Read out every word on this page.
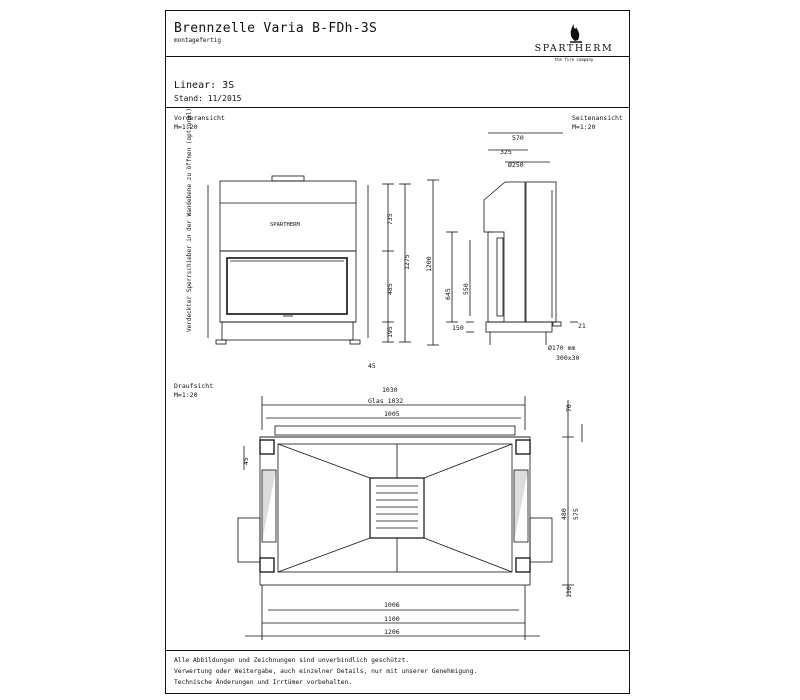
Brennzelle Varia B-FDh-3S
montagefertig
Linear: 3S
Stand: 11/2015
SPARTHERM
the fire company
Vorderansicht
M=1:20
Seitenansicht
M=1:20
Draufsicht
M=1:20
Alle Abbildungen und Zeichnungen sind unverbindlich geschützt.
Verwertung oder Weitergabe, auch einzelner Details, nur mit unserer Genehmigung.
Technische Änderungen und Irrtümer vorbehalten.
SPARTHERM
Verdeckter Sperrschieber in der Wandebene zu öffnen (optional)	735
1275
485
195
45
570
325
Ø250
1200
645 550
150	21
Ø170 mm
300x30
1030
Glas 1032
1005
70
45
480 575
110
1006
1100
1206
